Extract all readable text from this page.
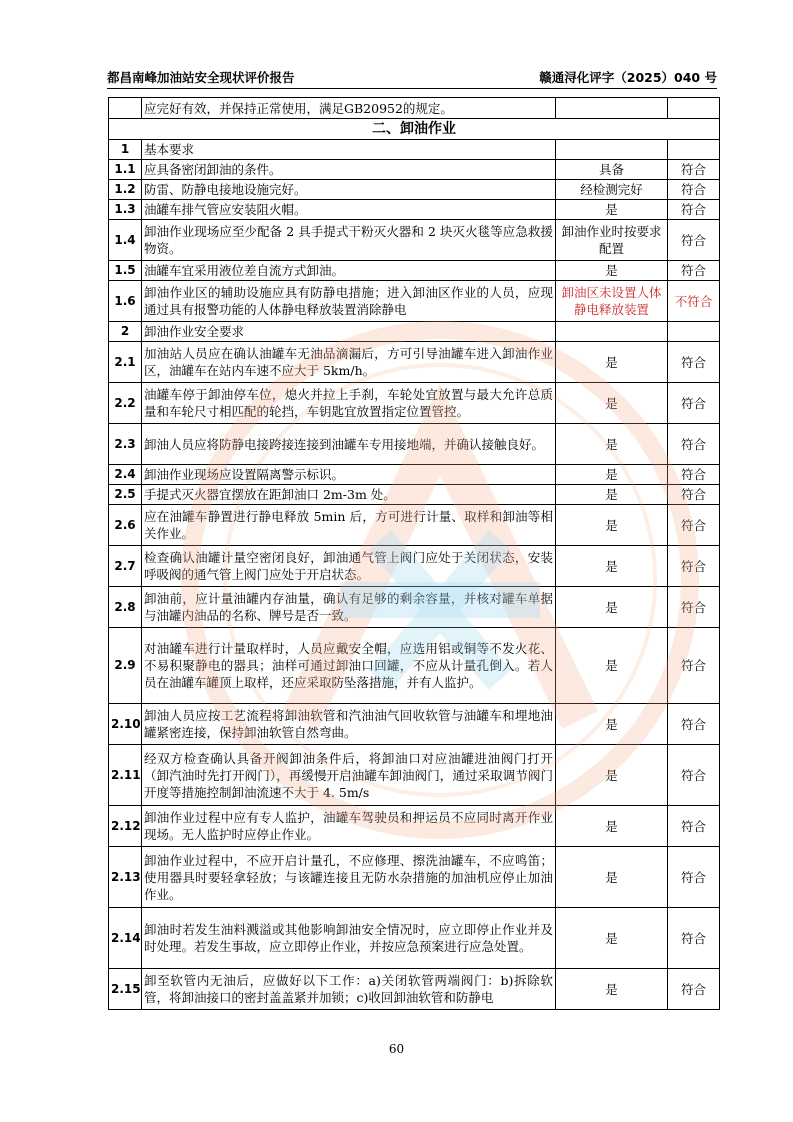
都昌南峰加油站安全现状评价报告	赣通浔化评字（2025）040 号
	应完好有效，并保持正常使用，满足GB20952的规定。		
二、卸油作业			
1	基本要求		
1.1	应具备密闭卸油的条件。	具备	符合
1.2	防雷、防静电接地设施完好。	经检测完好	符合
1.3	油罐车排气管应安装阻火帽。	是	符合
1.4	卸油作业现场应至少配备 2 具手提式干粉灭火器和 2 块灭火毯等应急救援物资。	卸油作业时按要求配置	符合
1.5	油罐车宜采用液位差自流方式卸油。	是	符合
1.6	卸油作业区的辅助设施应具有防静电措施；进入卸油区作业的人员，应现通过具有报警功能的人体静电释放装置消除静电	卸油区未设置人体静电释放装置	不符合
2	卸油作业安全要求		
2.1	加油站人员应在确认油罐车无油品滴漏后，方可引导油罐车进入卸油作业区，油罐车在站内车速不应大于 5km/h。	是	符合
2.2	油罐车停于卸油停车位，熄火并拉上手刹，车轮处宜放置与最大允许总质量和车轮尺寸相匹配的轮挡，车钥匙宜放置指定位置管控。	是	符合
2.3	卸油人员应将防静电接跨接连接到油罐车专用接地端，并确认接触良好。	是	符合
2.4	卸油作业现场应设置隔离警示标识。	是	符合
2.5	手提式灭火器宜摆放在距卸油口 2m-3m 处。	是	符合
2.6	应在油罐车静置进行静电释放 5min 后，方可进行计量、取样和卸油等相关作业。	是	符合
2.7	检查确认油罐计量空密闭良好，卸油通气管上阀门应处于关闭状态，安装呼吸阀的通气管上阀门应处于开启状态。	是	符合
2.8	卸油前，应计量油罐内存油量，确认有足够的剩余容量，并核对罐车单据与油罐内油品的名称、牌号是否一致。	是	符合
2.9	对油罐车进行计量取样时，人员应戴安全帽，应选用铝或铜等不发火花、不易积聚静电的器具；油样可通过卸油口回罐，不应从计量孔倒入。若人员在油罐车罐顶上取样，还应采取防坠落措施，并有人监护。	是	符合
2.10	卸油人员应按工艺流程将卸油软管和汽油油气回收软管与油罐车和埋地油罐紧密连接，保持卸油软管自然弯曲。	是	符合
2.11	经双方检查确认具备开阀卸油条件后，将卸油口对应油罐进油阀门打开（卸汽油时先打开阀门），再缓慢开启油罐车卸油阀门，通过采取调节阀门开度等措施控制卸油流速不大于 4. 5m/s	是	符合
2.12	卸油作业过程中应有专人监护，油罐车驾驶员和押运员不应同时离开作业现场。无人监护时应停止作业。	是	符合
2.13	卸油作业过程中，不应开启计量孔，不应修理、擦洗油罐车，不应鸣笛；使用器具时要轻拿轻放；与该罐连接且无防水杂措施的加油机应停止加油作业。	是	符合
2.14	卸油时若发生油料溅溢或其他影响卸油安全情况时，应立即停止作业并及时处理。若发生事故，应立即停止作业，并按应急预案进行应急处置。	是	符合
2.15	卸至软管内无油后，应做好以下工作：a)关闭软管两端阀门：b)拆除软管，将卸油接口的密封盖盖紧并加锁；c)收回卸油软管和防静电	是	符合
60
